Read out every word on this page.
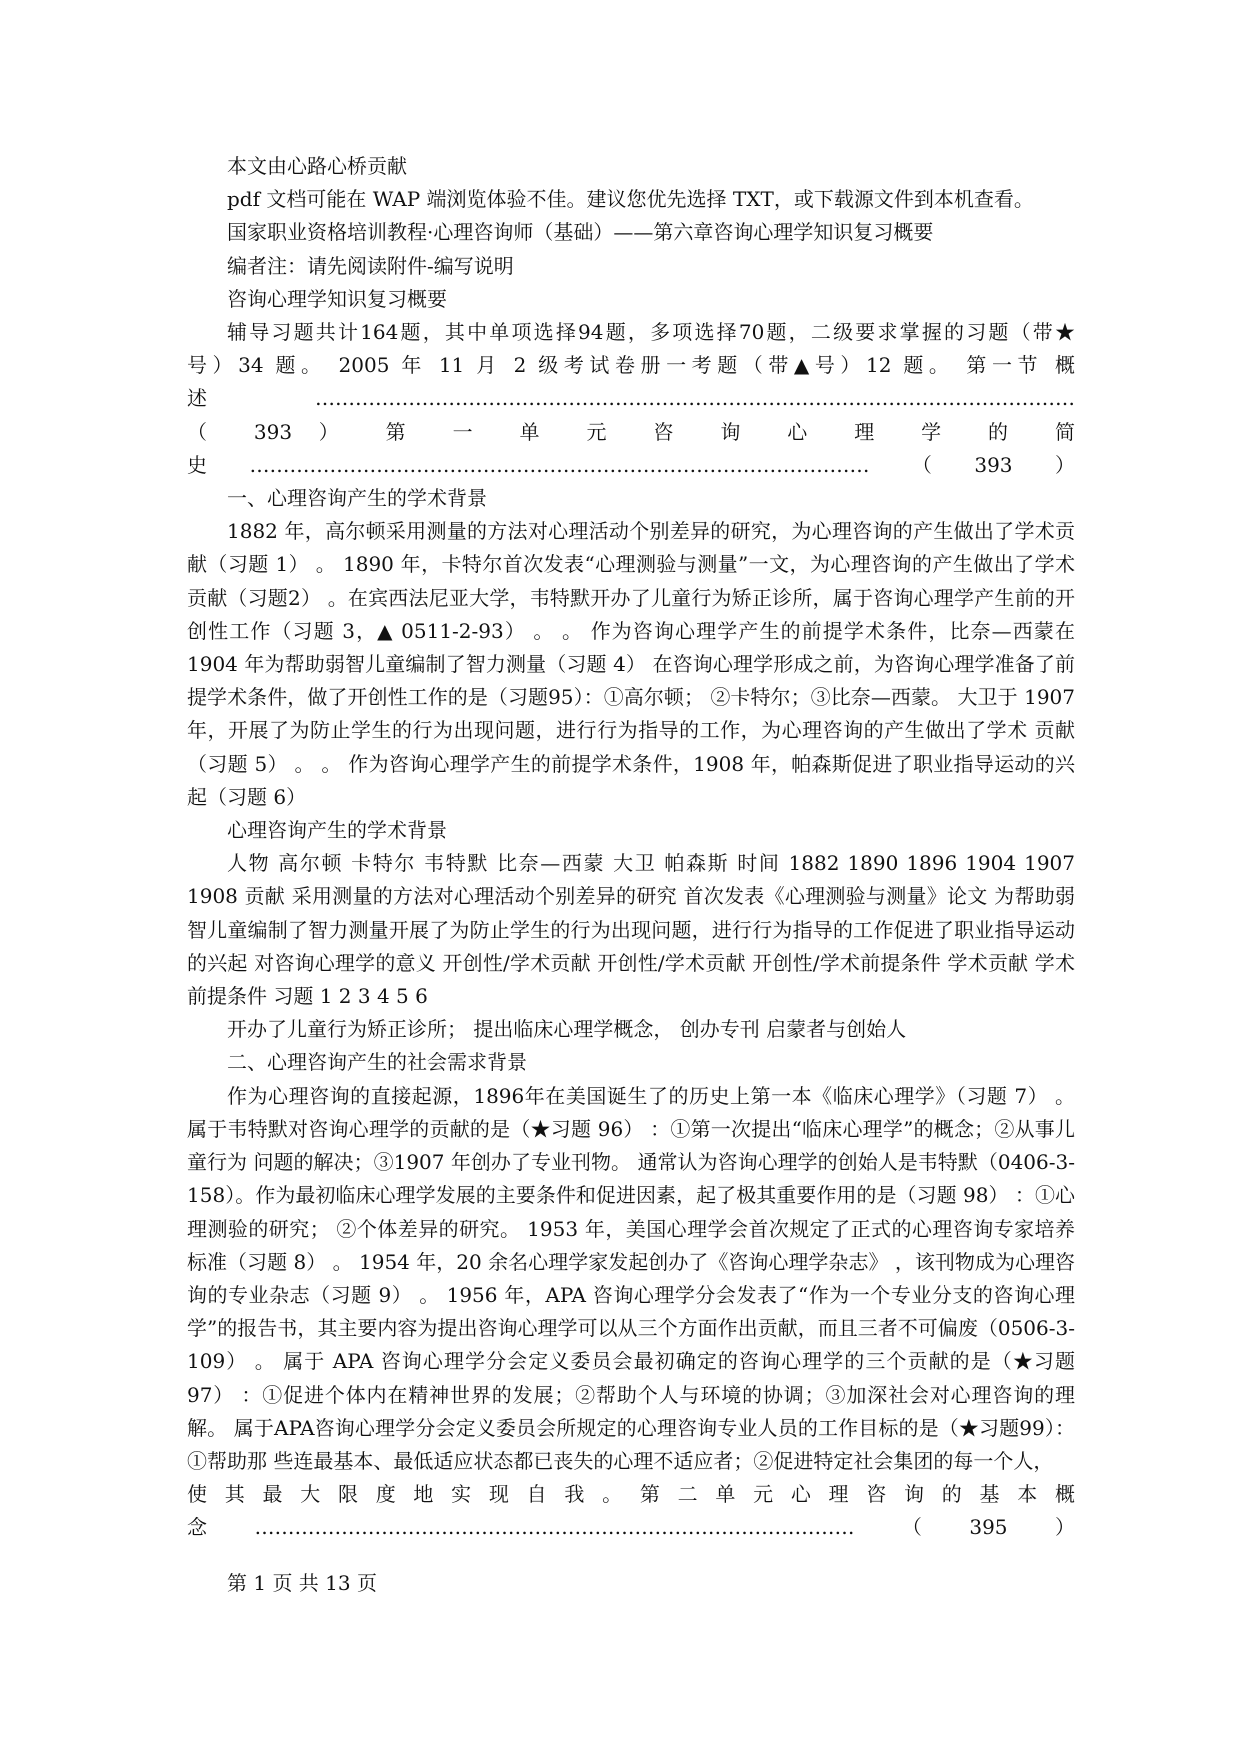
本文由心路心桥贡献

pdf 文档可能在 WAP 端浏览体验不佳。建议您优先选择 TXT，或下载源文件到本机查看。

国家职业资格培训教程·心理咨询师（基础）——第六章咨询心理学知识复习概要

编者注：请先阅读附件-编写说明

咨询心理学知识复习概要

辅导习题共计164题，其中单项选择94题，多项选择70题，二级要求掌握的习题（带★
号）34 题。 2005 年 11 月 2 级考试卷册一考题（带▲号）12 题。 第一节 概
述……………………………………………………………………………………………………
（ 393 ） 第 一 单 元 咨 询 心 理 学 的 简
史…………………………………………………………………………………（393）

一、心理咨询产生的学术背景

1882 年，高尔顿采用测量的方法对心理活动个别差异的研究，为心理咨询的产生做出了学术贡献（习题 1） 。 1890 年，卡特尔首次发表“心理测验与测量”一文，为心理咨询的产生做出了学术贡献（习题2） 。在宾西法尼亚大学，韦特默开办了儿童行为矫正诊所，属于咨询心理学产生前的开创性工作（习题 3，▲ 0511-2-93） 。 。 作为咨询心理学产生的前提学术条件，比奈—西蒙在 1904 年为帮助弱智儿童编制了智力测量（习题 4） 在咨询心理学形成之前，为咨询心理学准备了前提学术条件，做了开创性工作的是（习题95）：①高尔顿； ②卡特尔；③比奈—西蒙。 大卫于 1907 年，开展了为防止学生的行为出现问题，进行行为指导的工作，为心理咨询的产生做出了学术 贡献（习题 5） 。 。 作为咨询心理学产生的前提学术条件，1908 年，帕森斯促进了职业指导运动的兴起（习题 6）

心理咨询产生的学术背景

人物 高尔顿 卡特尔 韦特默 比奈—西蒙 大卫 帕森斯 时间 1882 1890 1896 1904 1907 1908 贡献 采用测量的方法对心理活动个别差异的研究 首次发表《心理测验与测量》论文 为帮助弱智儿童编制了智力测量开展了为防止学生的行为出现问题，进行行为指导的工作促进了职业指导运动的兴起 对咨询心理学的意义 开创性/学术贡献 开创性/学术贡献 开创性/学术前提条件 学术贡献 学术前提条件 习题 1 2 3 4 5 6

开办了儿童行为矫正诊所； 提出临床心理学概念， 创办专刊 启蒙者与创始人

二、心理咨询产生的社会需求背景

作为心理咨询的直接起源，1896年在美国诞生了的历史上第一本《临床心理学》（习题 7） 。 属于韦特默对咨询心理学的贡献的是（★习题 96） ：①第一次提出“临床心理学”的概念；②从事儿童行为 问题的解决；③1907 年创办了专业刊物。 通常认为咨询心理学的创始人是韦特默（0406-3-158）。作为最初临床心理学发展的主要条件和促进因素，起了极其重要作用的是（习题 98） ：①心理测验的研究； ②个体差异的研究。 1953 年，美国心理学会首次规定了正式的心理咨询专家培养标准（习题 8） 。 1954 年，20 余名心理学家发起创办了《咨询心理学杂志》 ，该刊物成为心理咨询的专业杂志（习题 9） 。 1956 年，APA 咨询心理学分会发表了“作为一个专业分支的咨询心理学”的报告书，其主要内容为提出咨询心理学可以从三个方面作出贡献，而且三者不可偏废（0506-3-109） 。 属于 APA 咨询心理学分会定义委员会最初确定的咨询心理学的三个贡献的是（★习题 97） ：①促进个体内在精神世界的发展；②帮助个人与环境的协调；③加深社会对心理咨询的理解。 属于APA咨询心理学分会定义委员会所规定的心理咨询专业人员的工作目标的是（★习题99）：①帮助那 些连最基本、最低适应状态都已丧失的心理不适应者；②促进特定社会集团的每一个人，

使 其 最 大 限 度 地 实 现 自 我 。 第 二 单 元 心 理 咨 询 的 基 本 概
念………………………………………………………………………………（395）
第 1 页 共 13 页
